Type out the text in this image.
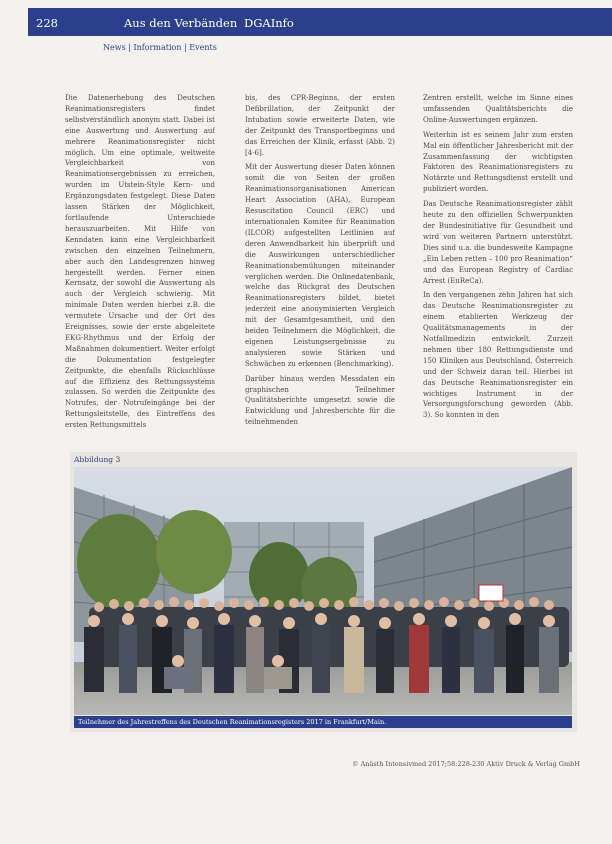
228	Aus den Verbänden DGAInfo
News | Information | Events

Die Datenerhebung des Deutschen Reanimationsregisters findet selbstverständlich anonym statt. Dabei ist eine Auswertung und Auswertung auf mehrere Reanimationsregister nicht möglich. Um eine optimale, weltweite Vergleichbarkeit von Reanimationsergebnissen zu erreichen, wurden im Utstein-Style Kern- und Ergänzungsdaten festgelegt. Diese Daten lassen Stärken der Möglichkeit, fortlaufende Unterschiede herauszuarbeiten. Mit Hilfe von Kenndaten kann eine Vergleichbarkeit zwischen den einzelnen Teilnehmern, aber auch den Landesgrenzen hinweg hergestellt werden. Ferner einen Kernsatz, der sowohl die Auswertung als auch der Vergleich schwierig. Mit minimale Daten werden hierbei z.B. die vermutete Ursache und der Ort des Ereignisses, sowie der erste abgeleitete EKG-Rhythmus und der Erfolg der Maßnahmen dokumentiert. Weiter erfolgt die Dokumentation festgelegter Zeitpunkte, die ebenfalls Rückschlüsse auf die Effizienz des Rettungssystems zulassen. So werden die Zeitpunkte des Notrufes, der Notrufeingänge bei der Rettungsleitstelle, des Eintreffens des ersten Rettungsmittels

bis, des CPR-Beginns, der ersten Defibrillation, der Zeitpunkt der Intubation sowie erweiterte Daten, wie der Zeitpunkt des Transportbeginns und das Erreichen der Klinik, erfasst (Abb. 2) [4-6].

Mit der Auswertung dieser Daten können somit die von Seiten der großen Reanimationsorganisationen American Heart Association (AHA), European Resuscitation Council (ERC) und internationalen Komitee für Reanimation (ILCOR) aufgestellten Leitlinien auf deren Anwendbarkeit hin überprüft und die Auswirkungen unterschiedlicher Reanimationsbemühungen miteinander verglichen werden. Die Onlinedatenbank, welche das Rückgrat des Deutschen Reanimationsregisters bildet, bietet jederzeit eine anonymisierten Vergleich mit der Gesamtgesamtheit, und den beiden Teilnehmern die Möglichkeit, die eigenen Leistungsergebnisse zu analysieren sowie Stärken und Schwächen zu erkennen (Benchmarking).

Darüber hinaus werden Messdaten ein graphischen Teilnehmer Qualitätsberichte umgesetzt sowie die Entwicklung und Jahresberichte für die teilnehmenden

Zentren erstellt, welche im Sinne eines umfassenden Qualitätsberichts die Online-Auswertungen ergänzen.

Weiterhin ist es seinem Jahr zum ersten Mal ein öffentlicher Jahresbericht mit der Zusammenfassung der wichtigsten Faktoren des Reanimationsregisters zu Notärzte und Rettungsdienst erstellt und publiziert worden.

Das Deutsche Reanimationsregister zählt heute zu den offiziellen Schwerpunkten der Bundesinitiative für Gesundheit und wird von weiteren Partnern unterstützt. Dies sind u.a. die bundesweite Kampagne „Ein Leben retten – 100 pro Reanimation“ und das European Registry of Cardiac Arrest (EuReCa).

In den vergangenen zehn Jahren hat sich das Deutsche Reanimationsregister zu einem etablierten Werkzeug der Qualitätsmanagements in der Notfallmedizin entwickelt. Zurzeit nehmen über 180 Rettungsdienste und 150 Kliniken aus Deutschland, Österreich und der Schweiz daran teil. Hierbei ist das Deutsche Reanimationsregister ein wichtiges Instrument in der Versorgungsforschung geworden (Abb. 3). So konnten in den

Abbildung 3
Teilnehmer des Jahrestreffens des Deutschen Reanimationsregisters 2017 in Frankfurt/Main.
© Anästh Intensivmed 2017;58:228-230 Aktiv Druck & Verlag GmbH
